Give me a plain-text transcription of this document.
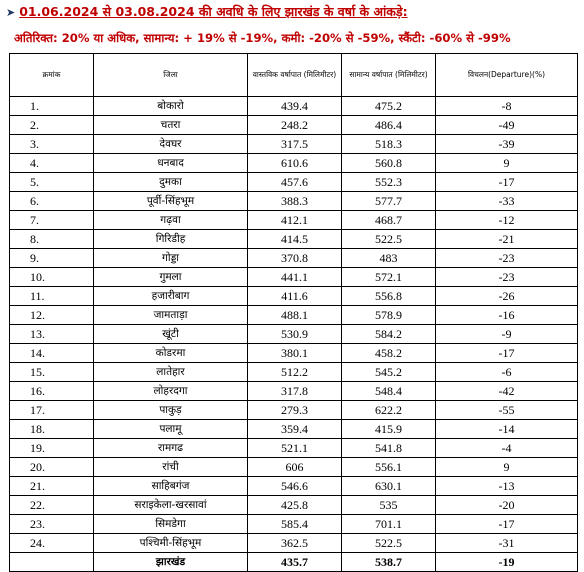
➤ 01.06.2024 से 03.08.2024 की अवधि के लिए झारखंड के वर्षा के आंकड़े:
अतिरिक्त: 20% या अधिक, सामान्य: + 19% से -19%, कमी: -20% से -59%, स्कैंटी: -60% से -99%
क्रमांक	जिला	वास्तविक वर्षापात (मिलिमीटर)	सामान्य वर्षापात (मिलिमीटर)	विचलन(Departure)(%)
1.	बोकारो	439.4	475.2	-8
2.	चतरा	248.2	486.4	-49
3.	देवघर	317.5	518.3	-39
4.	धनबाद	610.6	560.8	9
5.	दुमका	457.6	552.3	-17
6.	पूर्वी-सिंहभूम	388.3	577.7	-33
7.	गढ़वा	412.1	468.7	-12
8.	गिरिडीह	414.5	522.5	-21
9.	गोड्डा	370.8	483	-23
10.	गुमला	441.1	572.1	-23
11.	हजारीबाग	411.6	556.8	-26
12.	जामताड़ा	488.1	578.9	-16
13.	खूंटी	530.9	584.2	-9
14.	कोडरमा	380.1	458.2	-17
15.	लातेहार	512.2	545.2	-6
16.	लोहरदगा	317.8	548.4	-42
17.	पाकुड़	279.3	622.2	-55
18.	पलामू	359.4	415.9	-14
19.	रामगढ	521.1	541.8	-4
20.	रांची	606	556.1	9
21.	साहिबगंज	546.6	630.1	-13
22.	सराइकेला-खरसावां	425.8	535	-20
23.	सिमडेगा	585.4	701.1	-17
24.	पश्चिमी-सिंहभूम	362.5	522.5	-31
	झारखंड	435.7	538.7	-19
